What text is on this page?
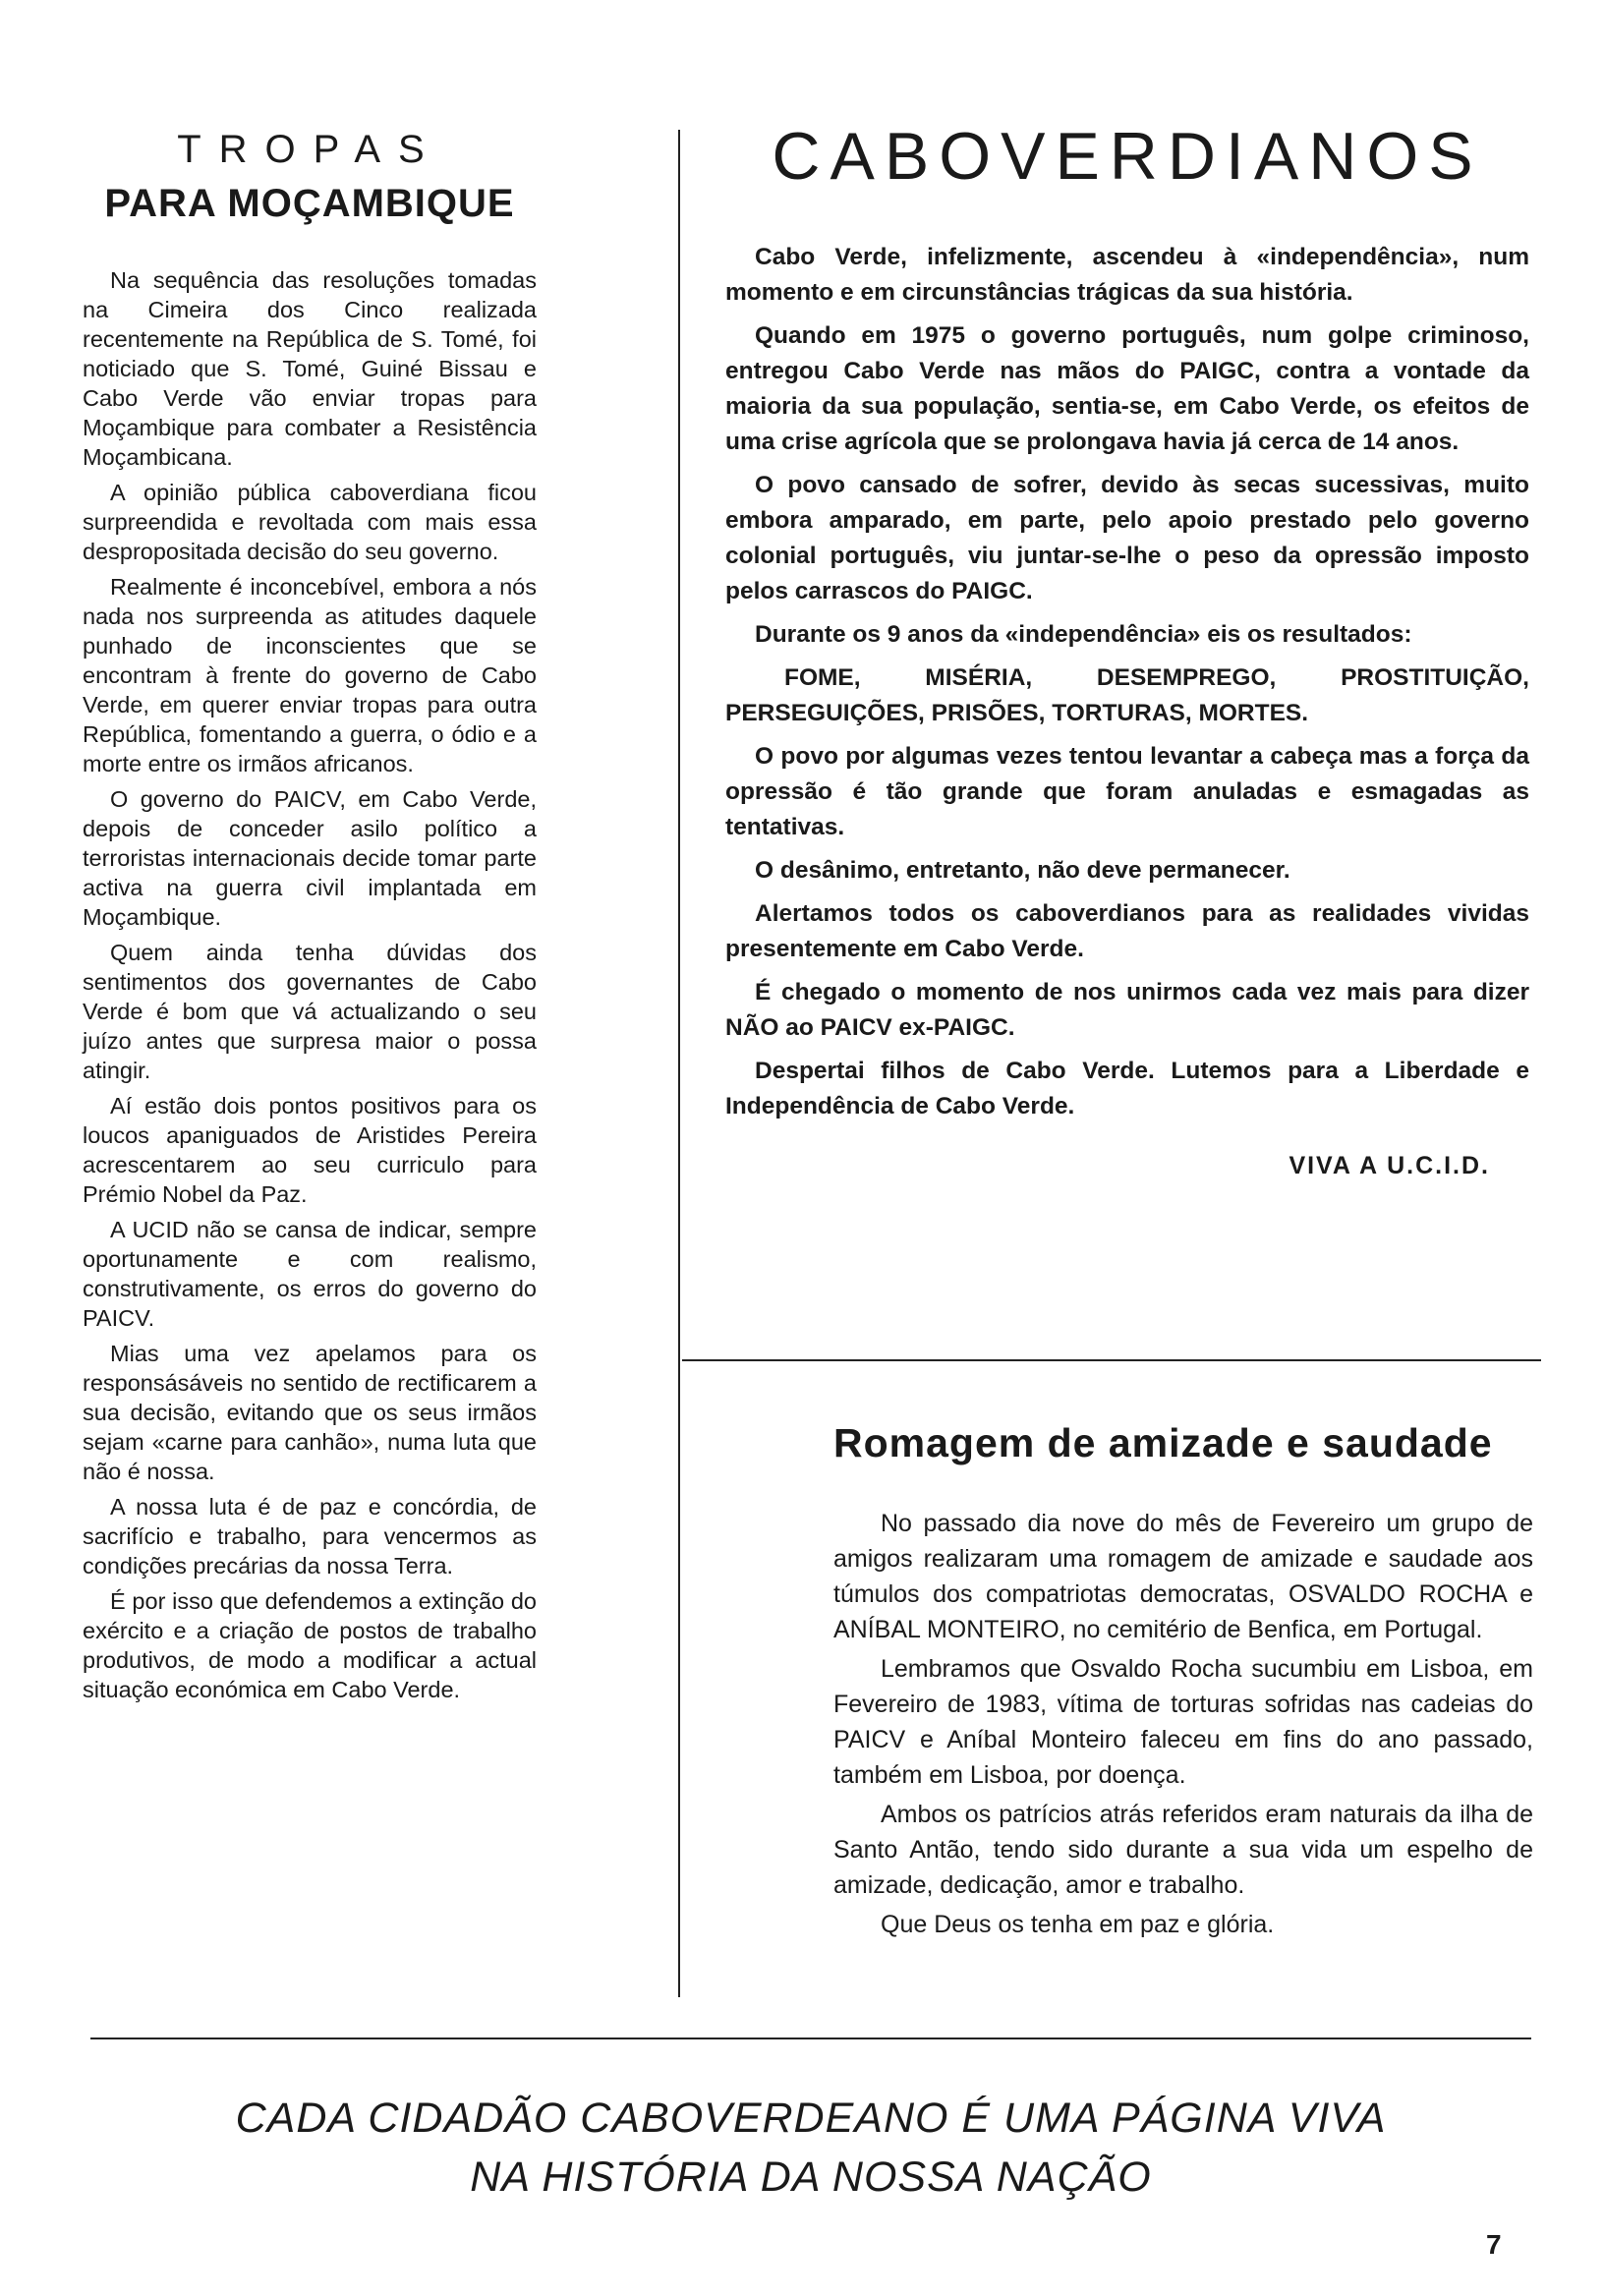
TROPAS
PARA MOÇAMBIQUE

Na sequência das resoluções tomadas na Cimeira dos Cinco realizada recentemente na República de S. Tomé, foi noticiado que S. Tomé, Guiné Bissau e Cabo Verde vão enviar tropas para Moçambique para combater a Resistência Moçambicana.

A opinião pública caboverdiana ficou surpreendida e revoltada com mais essa despropositada decisão do seu governo.

Realmente é inconcebível, embora a nós nada nos surpreenda as atitudes daquele punhado de inconscientes que se encontram à frente do governo de Cabo Verde, em querer enviar tropas para outra República, fomentando a guerra, o ódio e a morte entre os irmãos africanos.

O governo do PAICV, em Cabo Verde, depois de conceder asilo político a terroristas internacionais decide tomar parte activa na guerra civil implantada em Moçambique.

Quem ainda tenha dúvidas dos sentimentos dos governantes de Cabo Verde é bom que vá actualizando o seu juízo antes que surpresa maior o possa atingir.

Aí estão dois pontos positivos para os loucos apaniguados de Aristides Pereira acrescentarem ao seu curriculo para Prémio Nobel da Paz.

A UCID não se cansa de indicar, sempre oportunamente e com realismo, construtivamente, os erros do governo do PAICV.

Mias uma vez apelamos para os responsásáveis no sentido de rectificarem a sua decisão, evitando que os seus irmãos sejam «carne para canhão», numa luta que não é nossa.

A nossa luta é de paz e concórdia, de sacrifício e trabalho, para vencermos as condições precárias da nossa Terra.

É por isso que defendemos a extinção do exército e a criação de postos de trabalho produtivos, de modo a modificar a actual situação económica em Cabo Verde.

CABOVERDIANOS

Cabo Verde, infelizmente, ascendeu à «independência», num momento e em circunstâncias trágicas da sua história.

Quando em 1975 o governo português, num golpe criminoso, entregou Cabo Verde nas mãos do PAIGC, contra a vontade da maioria da sua população, sentia-se, em Cabo Verde, os efeitos de uma crise agrícola que se prolongava havia já cerca de 14 anos.

O povo cansado de sofrer, devido às secas sucessivas, muito embora amparado, em parte, pelo apoio prestado pelo governo colonial português, viu juntar-se-lhe o peso da opressão imposto pelos carrascos do PAIGC.

Durante os 9 anos da «independência» eis os resultados:

FOME, MISÉRIA, DESEMPREGO, PROSTITUIÇÃO, PERSEGUIÇÕES, PRISÕES, TORTURAS, MORTES.

O povo por algumas vezes tentou levantar a cabeça mas a força da opressão é tão grande que foram anuladas e esmagadas as tentativas.

O desânimo, entretanto, não deve permanecer.

Alertamos todos os caboverdianos para as realidades vividas presentemente em Cabo Verde.

É chegado o momento de nos unirmos cada vez mais para dizer NÃO ao PAICV ex-PAIGC.

Despertai filhos de Cabo Verde. Lutemos para a Liberdade e Independência de Cabo Verde.

VIVA A U.C.I.D.
Romagem de amizade e saudade

No passado dia nove do mês de Fevereiro um grupo de amigos realizaram uma romagem de amizade e saudade aos túmulos dos compatriotas democratas, OSVALDO ROCHA e ANÍBAL MONTEIRO, no cemitério de Benfica, em Portugal.

Lembramos que Osvaldo Rocha sucumbiu em Lisboa, em Fevereiro de 1983, vítima de torturas sofridas nas cadeias do PAICV e Aníbal Monteiro faleceu em fins do ano passado, também em Lisboa, por doença.

Ambos os patrícios atrás referidos eram naturais da ilha de Santo Antão, tendo sido durante a sua vida um espelho de amizade, dedicação, amor e trabalho.

Que Deus os tenha em paz e glória.

CADA CIDADÃO CABOVERDEANO É UMA PÁGINA VIVA
NA HISTÓRIA DA NOSSA NAÇÃO
7
